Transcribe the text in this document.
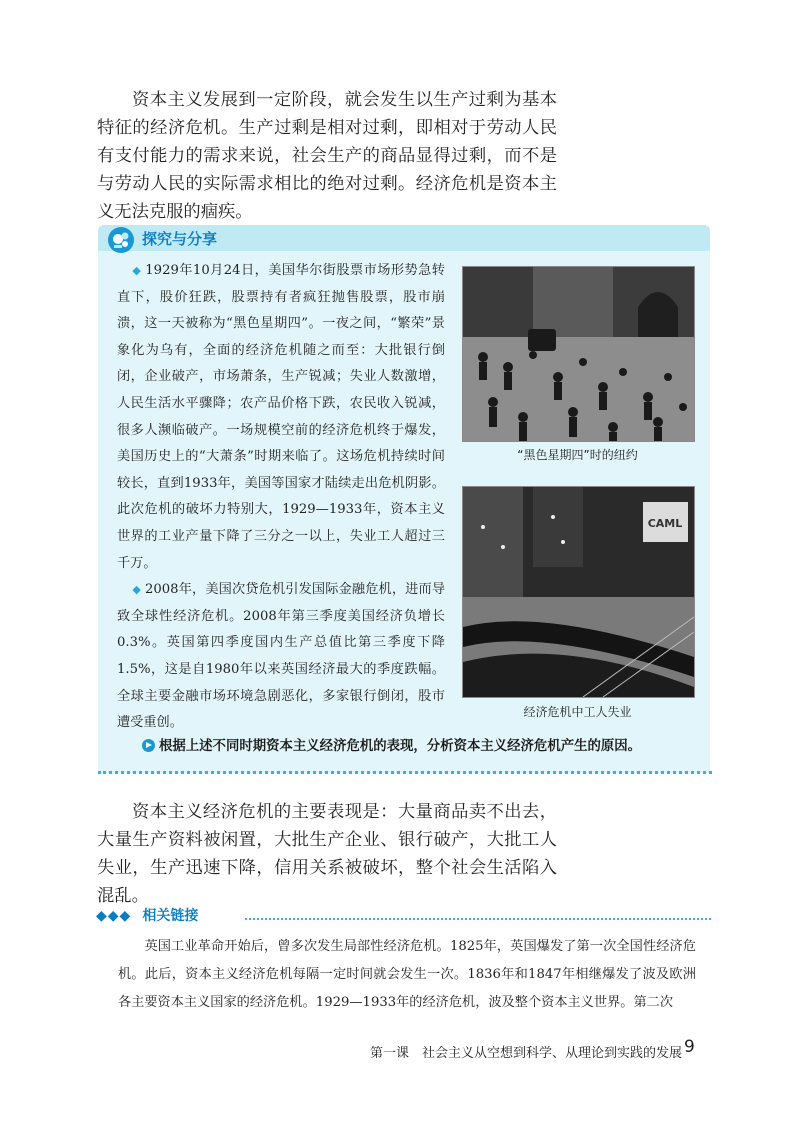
资本主义发展到一定阶段，就会发生以生产过剩为基本特征的经济危机。生产过剩是相对过剩，即相对于劳动人民有支付能力的需求来说，社会生产的商品显得过剩，而不是与劳动人民的实际需求相比的绝对过剩。经济危机是资本主义无法克服的痼疾。

探究与分享

◆ 1929年10月24日，美国华尔街股票市场形势急转直下，股价狂跌，股票持有者疯狂抛售股票，股市崩溃，这一天被称为“黑色星期四”。一夜之间，“繁荣”景象化为乌有，全面的经济危机随之而至：大批银行倒闭，企业破产，市场萧条，生产锐减；失业人数激增，人民生活水平骤降；农产品价格下跌，农民收入锐减，很多人濒临破产。一场规模空前的经济危机终于爆发，美国历史上的“大萧条”时期来临了。这场危机持续时间较长，直到1933年，美国等国家才陆续走出危机阴影。此次危机的破坏力特别大，1929—1933年，资本主义世界的工业产量下降了三分之一以上，失业工人超过三千万。

◆ 2008年，美国次贷危机引发国际金融危机，进而导致全球性经济危机。2008年第三季度美国经济负增长0.3%。英国第四季度国内生产总值比第三季度下降1.5%，这是自1980年以来英国经济最大的季度跌幅。全球主要金融市场环境急剧恶化，多家银行倒闭，股市遭受重创。

“黑色星期四”时的纽约
CAML
经济危机中工人失业
根据上述不同时期资本主义经济危机的表现，分析资本主义经济危机产生的原因。

资本主义经济危机的主要表现是：大量商品卖不出去，大量生产资料被闲置，大批生产企业、银行破产，大批工人失业，生产迅速下降，信用关系被破坏，整个社会生活陷入混乱。

◆◆◆ 相关链接

英国工业革命开始后，曾多次发生局部性经济危机。1825年，英国爆发了第一次全国性经济危机。此后，资本主义经济危机每隔一定时间就会发生一次。1836年和1847年相继爆发了波及欧洲各主要资本主义国家的经济危机。1929—1933年的经济危机，波及整个资本主义世界。第二次

第一课　社会主义从空想到科学、从理论到实践的发展 9
